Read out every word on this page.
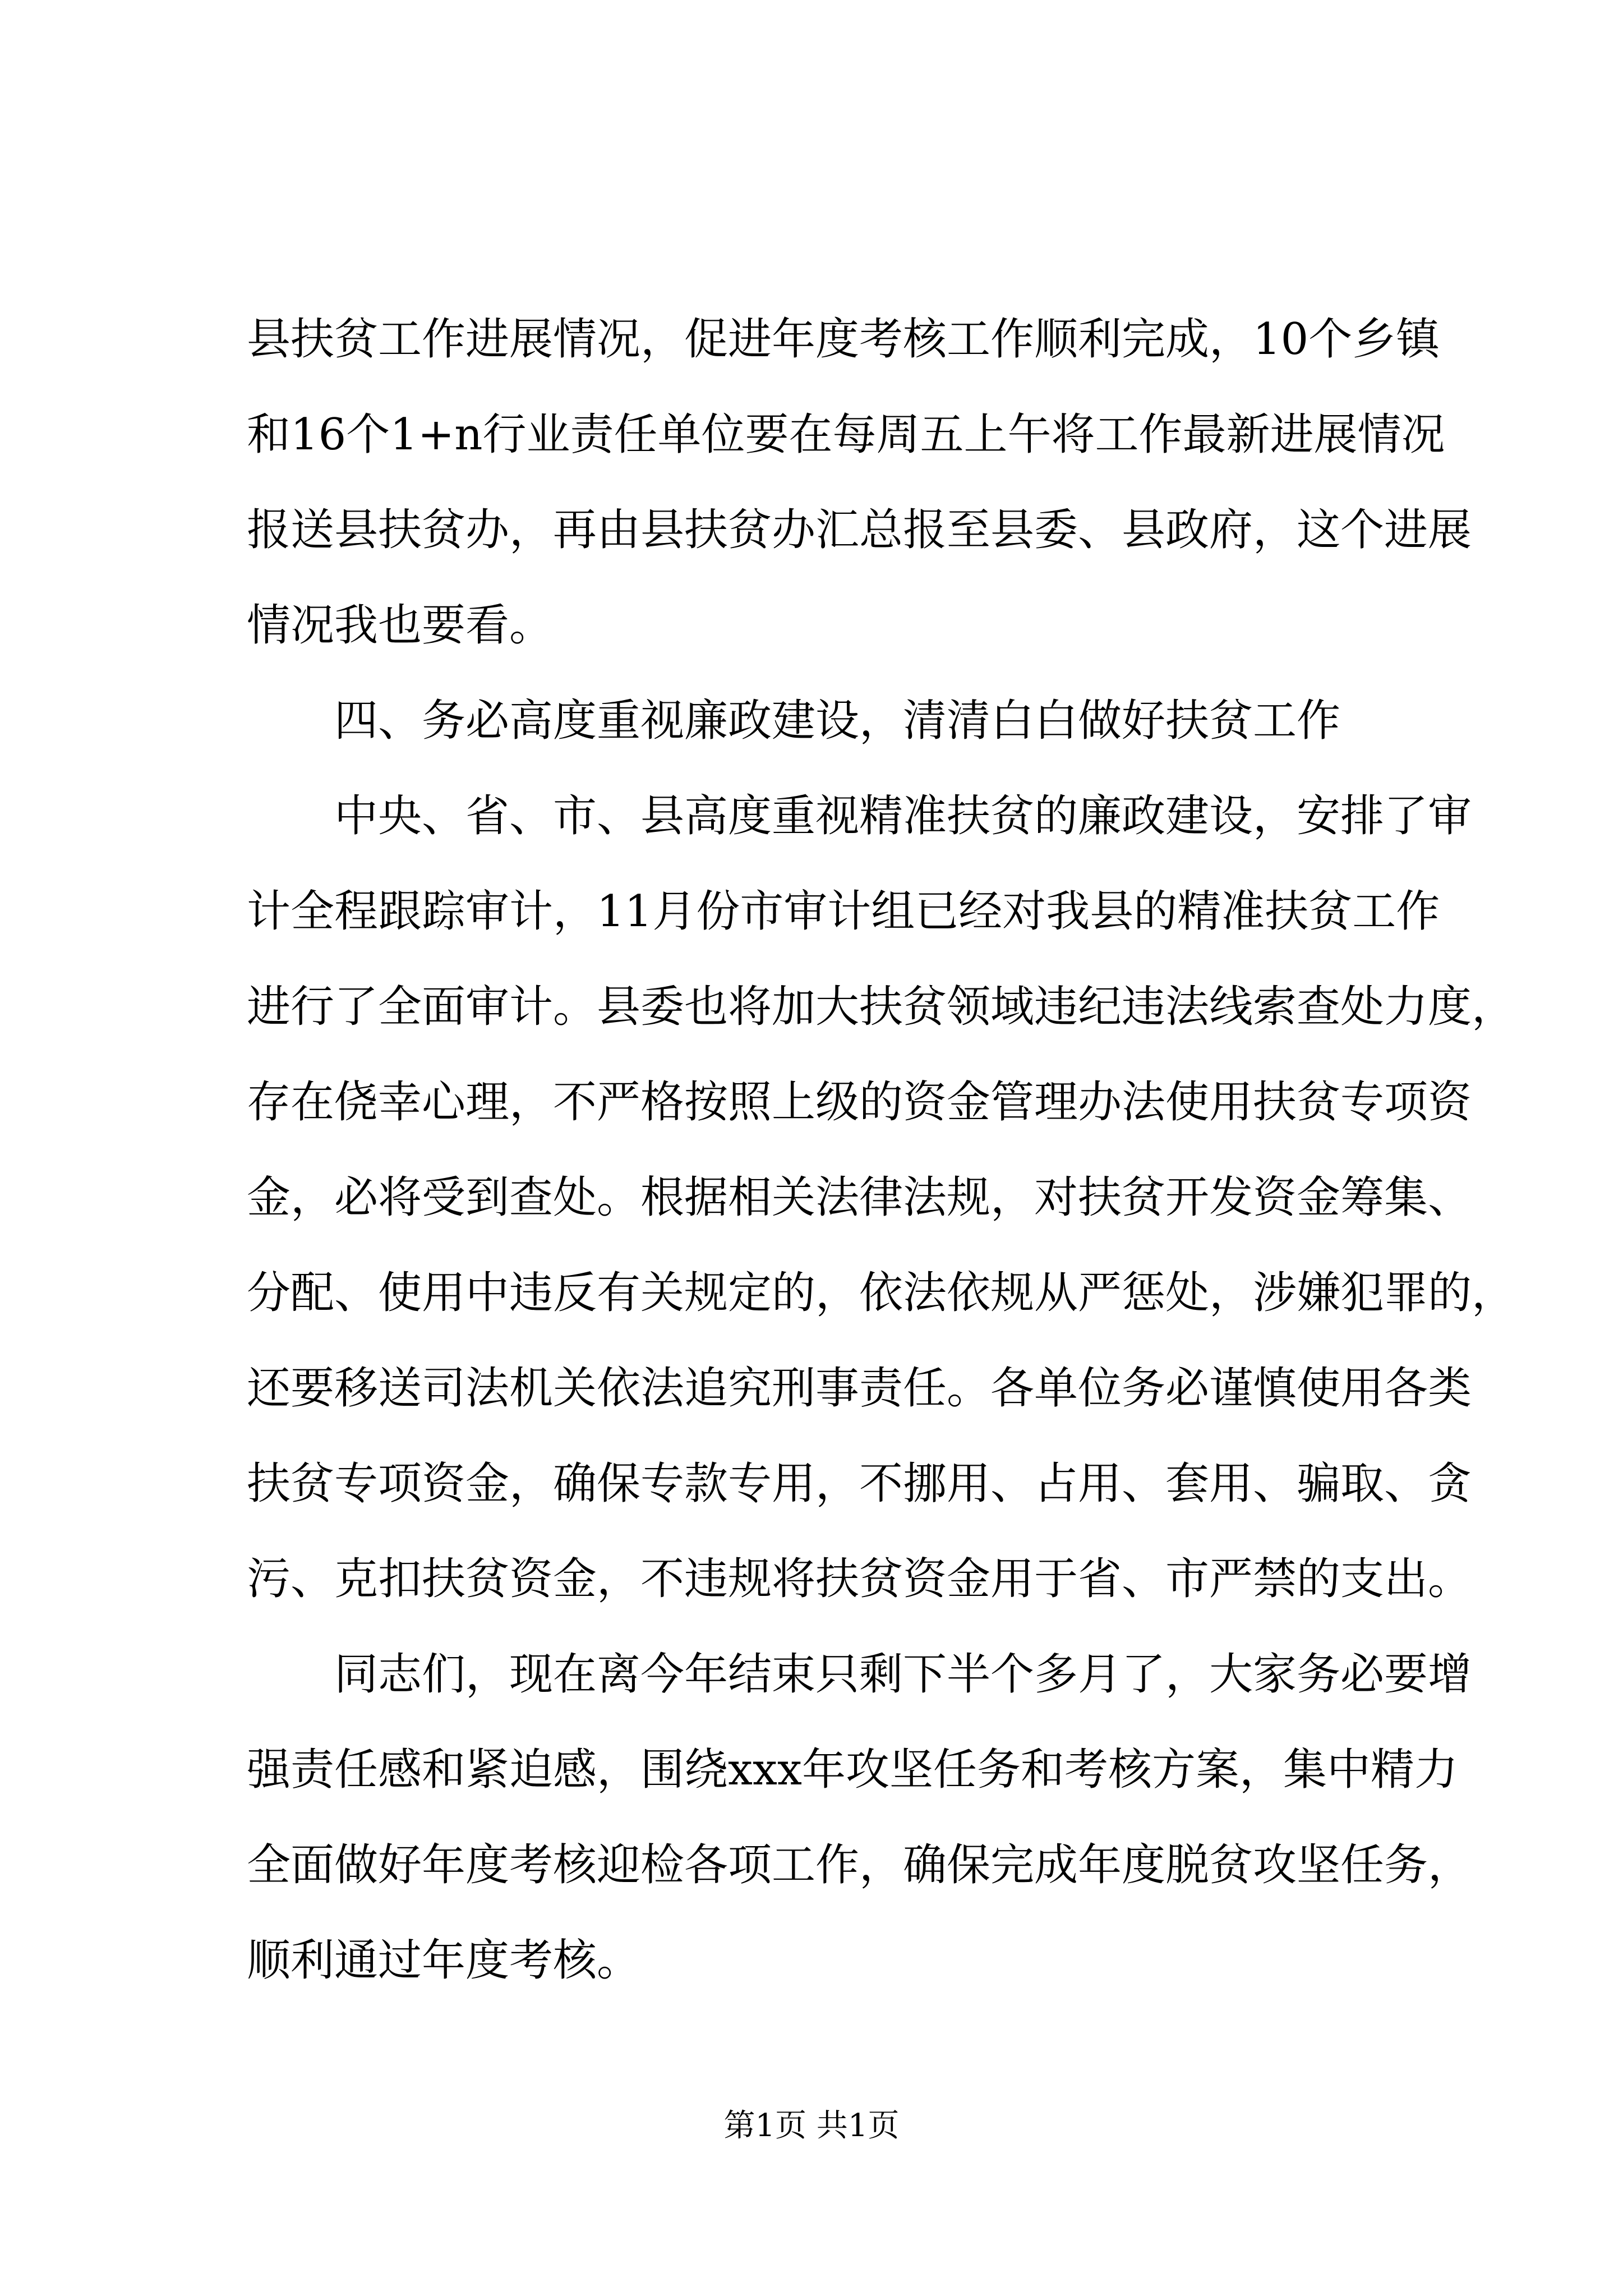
县扶贫工作进展情况，促进年度考核工作顺利完成，10个乡镇
和16个1+n行业责任单位要在每周五上午将工作最新进展情况
报送县扶贫办，再由县扶贫办汇总报至县委、县政府，这个进展
情况我也要看。
四、务必高度重视廉政建设，清清白白做好扶贫工作
中央、省、市、县高度重视精准扶贫的廉政建设，安排了审
计全程跟踪审计，11月份市审计组已经对我县的精准扶贫工作
进行了全面审计。县委也将加大扶贫领域违纪违法线索查处力度，
存在侥幸心理，不严格按照上级的资金管理办法使用扶贫专项资
金，必将受到查处。根据相关法律法规，对扶贫开发资金筹集、
分配、使用中违反有关规定的，依法依规从严惩处，涉嫌犯罪的，
还要移送司法机关依法追究刑事责任。各单位务必谨慎使用各类
扶贫专项资金，确保专款专用，不挪用、占用、套用、骗取、贪
污、克扣扶贫资金，不违规将扶贫资金用于省、市严禁的支出。
同志们，现在离今年结束只剩下半个多月了，大家务必要增
强责任感和紧迫感，围绕xxx年攻坚任务和考核方案，集中精力
全面做好年度考核迎检各项工作，确保完成年度脱贫攻坚任务，
顺利通过年度考核。
第1页 共1页
